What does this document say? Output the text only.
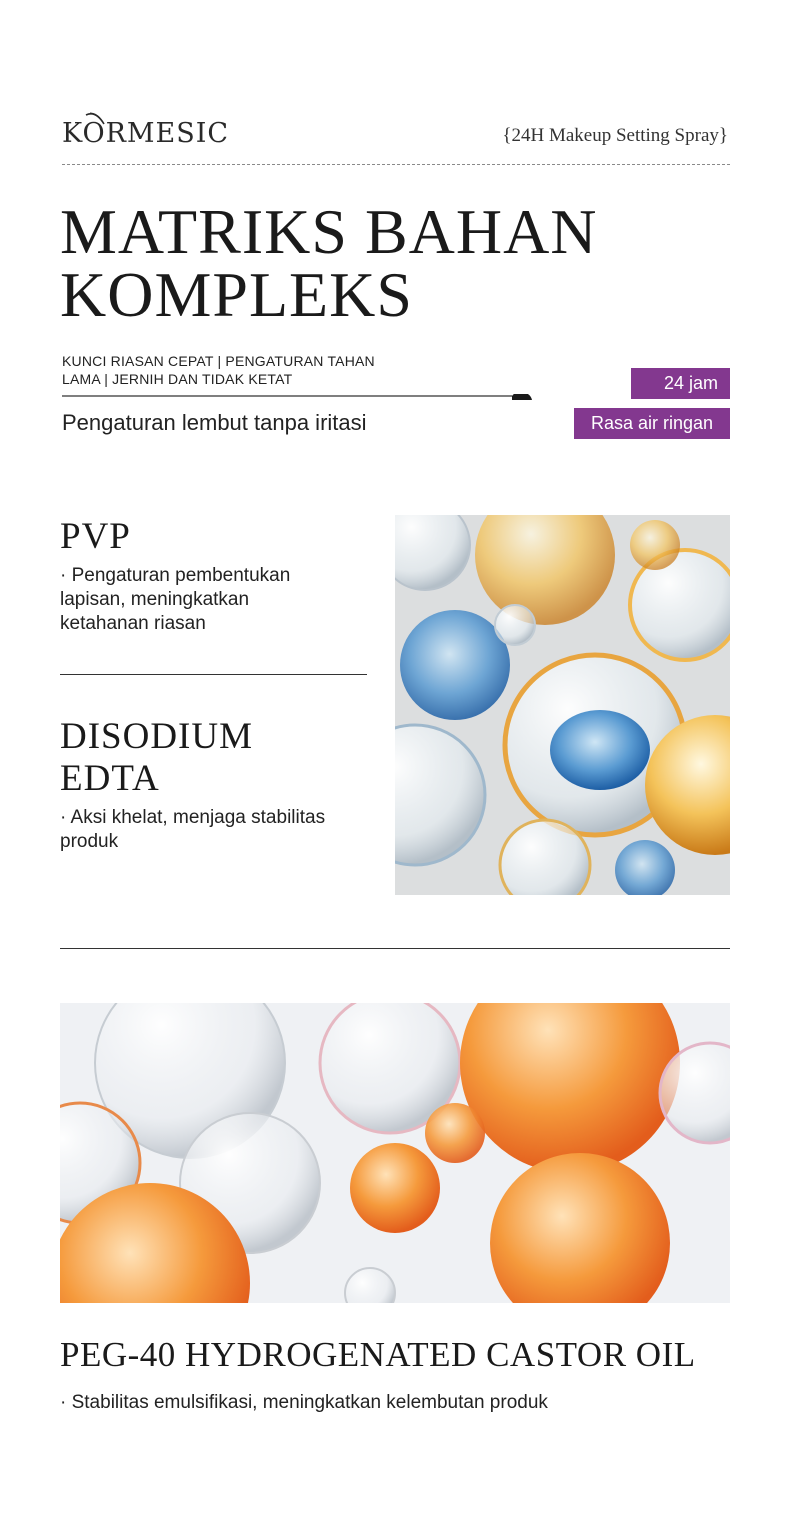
KORMESIC	{24H Makeup Setting Spray}
MATRIKS BAHAN
KOMPLEKS
KUNCI RIASAN CEPAT | PENGATURAN TAHAN
LAMA | JERNIH DAN TIDAK KETAT
Pengaturan lembut tanpa iritasi
24 jam
Rasa air ringan
PVP
· Pengaturan pembentukan
lapisan, meningkatkan
ketahanan riasan
DISODIUM
EDTA
· Aksi khelat, menjaga stabilitas
produk
PEG-40 HYDROGENATED CASTOR OIL
· Stabilitas emulsifikasi, meningkatkan kelembutan produk
